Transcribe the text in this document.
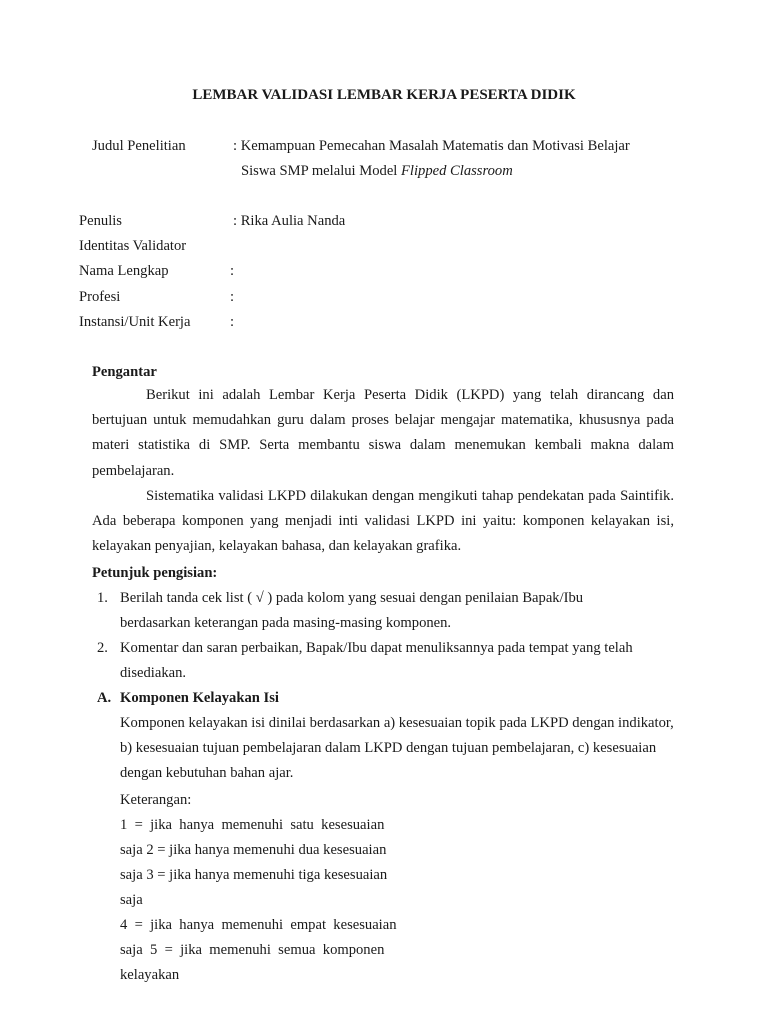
LEMBAR VALIDASI LEMBAR KERJA PESERTA DIDIK
Judul Penelitian	: Kemampuan Pemecahan Masalah Matematis dan Motivasi Belajar
Siswa SMP melalui Model Flipped Classroom
Penulis	: Rika Aulia Nanda
Identitas Validator
Nama Lengkap	:
Profesi	:
Instansi/Unit Kerja	:
Pengantar

Berikut ini adalah Lembar Kerja Peserta Didik (LKPD) yang telah dirancang dan bertujuan untuk memudahkan guru dalam proses belajar mengajar matematika, khususnya pada materi statistika di SMP. Serta membantu siswa dalam menemukan kembali makna dalam pembelajaran.

Sistematika validasi LKPD dilakukan dengan mengikuti tahap pendekatan pada Saintifik. Ada beberapa komponen yang menjadi inti validasi LKPD ini yaitu: komponen kelayakan isi, kelayakan penyajian, kelayakan bahasa, dan kelayakan grafika.

Petunjuk pengisian:
1. Berilah tanda cek list ( √ ) pada kolom yang sesuai dengan penilaian Bapak/Ibu
berdasarkan keterangan pada masing-masing komponen.
2. Komentar dan saran perbaikan, Bapak/Ibu dapat menuliksannya pada tempat yang telah
disediakan.
A. Komponen Kelayakan Isi

Komponen kelayakan isi dinilai berdasarkan a) kesesuaian topik pada LKPD dengan indikator, b) kesesuaian tujuan pembelajaran dalam LKPD dengan tujuan pembelajaran, c) kesesuaian dengan kebutuhan bahan ajar.

Keterangan:
1  =  jika  hanya  memenuhi  satu  kesesuaian
saja 2 = jika hanya memenuhi dua kesesuaian
saja 3 = jika hanya memenuhi tiga kesesuaian
saja
4  =  jika  hanya  memenuhi  empat  kesesuaian
saja  5  =  jika  memenuhi  semua  komponen
kelayakan
